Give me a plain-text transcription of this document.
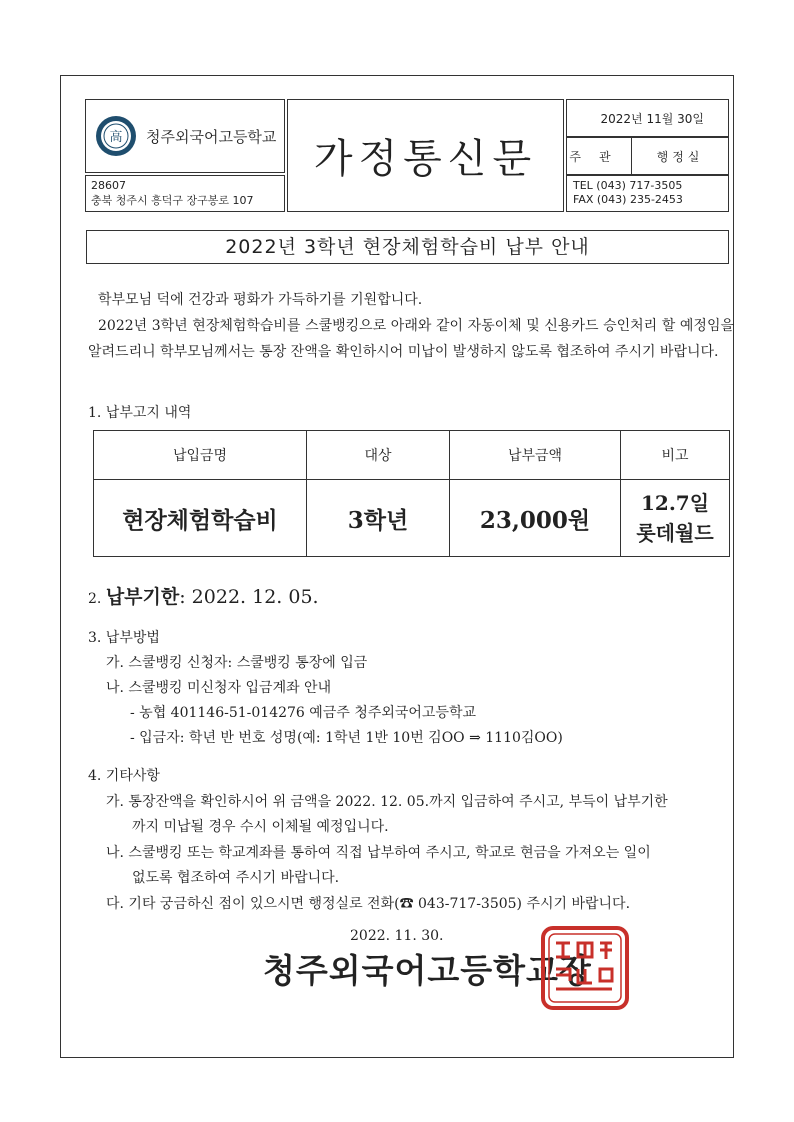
高 청주외국어고등학교
28607
충북 청주시 흥덕구 장구봉로 107
가정통신문
2022년 11월 30일
주관	행정실
TEL (043) 717-3505
FAX (043) 235-2453
2022년 3학년 현장체험학습비 납부 안내
학부모님 덕에 건강과 평화가 가득하기를 기원합니다.
2022년 3학년 현장체험학습비를 스쿨뱅킹으로 아래와 같이 자동이체 및 신용카드 승인처리 할 예정임을 알려드리니 학부모님께서는 통장 잔액을 확인하시어 미납이 발생하지 않도록 협조하여 주시기 바랍니다.
1. 납부고지 내역
납입금명	대상	납부금액	비고
현장체험학습비	3학년	23,000원	12.7일
롯데월드
2. 납부기한: 2022. 12. 05.
3. 납부방법
가. 스쿨뱅킹 신청자: 스쿨뱅킹 통장에 입금
나. 스쿨뱅킹 미신청자 입금계좌 안내
- 농협 401146-51-014276 예금주 청주외국어고등학교
- 입금자: 학년 반 번호 성명(예: 1학년 1반 10번 김OO ⇒ 1110김OO)
4. 기타사항
가. 통장잔액을 확인하시어 위 금액을 2022. 12. 05.까지 입금하여 주시고, 부득이 납부기한
까지 미납될 경우 수시 이체될 예정입니다.
나. 스쿨뱅킹 또는 학교계좌를 통하여 직접 납부하여 주시고, 학교로 현금을 가져오는 일이
없도록 협조하여 주시기 바랍니다.
다. 기타 궁금하신 점이 있으시면 행정실로 전화(☎ 043-717-3505) 주시기 바랍니다.
2022. 11. 30.
청주외국어고등학교장
